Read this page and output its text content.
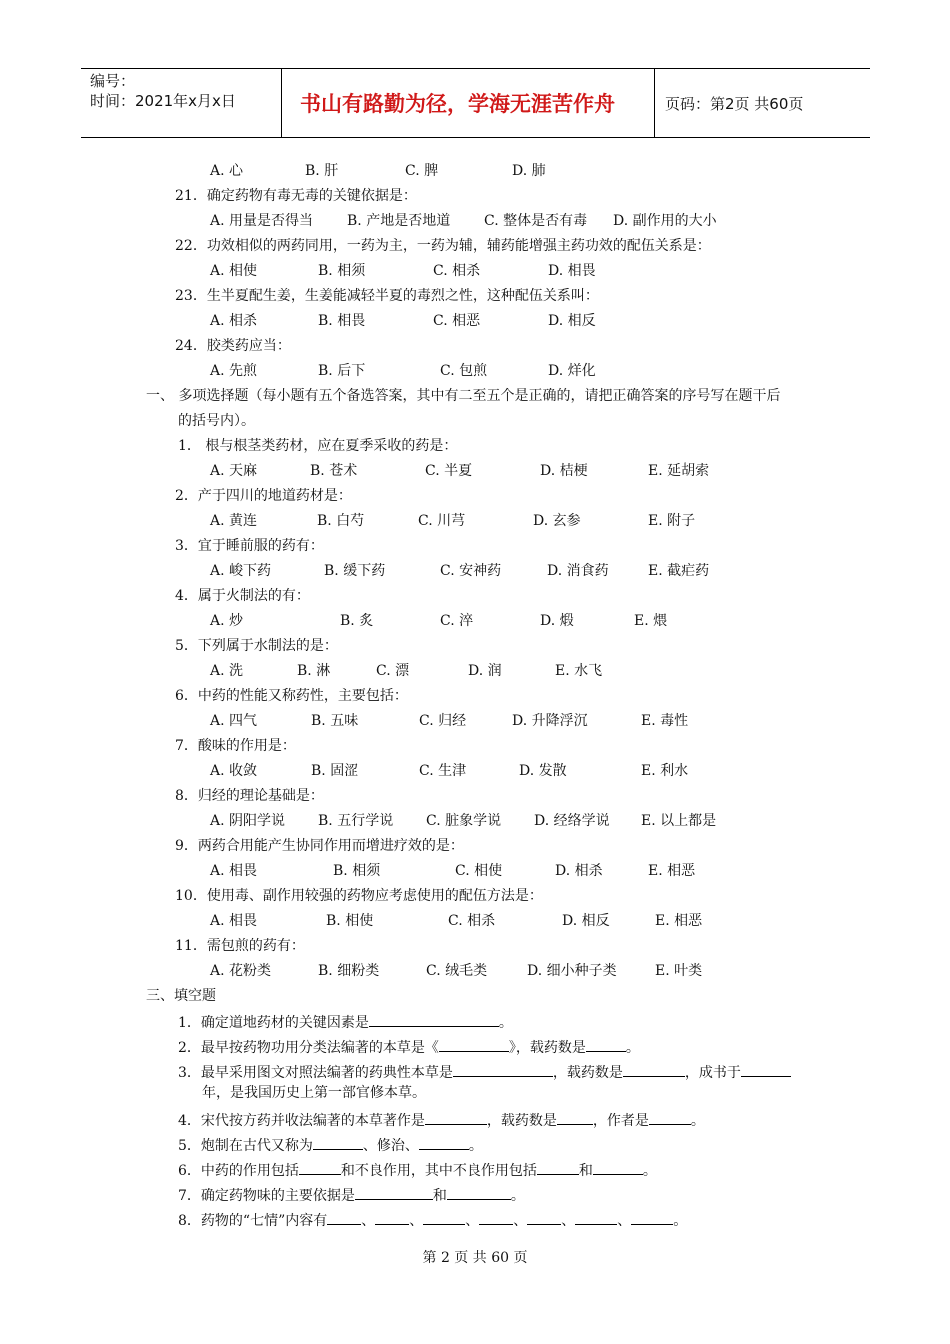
编号：
时间：2021年x月x日	书山有路勤为径，学海无涯苦作舟	页码：第2页 共60页
A. 心	B. 肝	C. 脾	D. 肺
21．确定药物有毒无毒的关键依据是：
A. 用量是否得当 B. 产地是否地道 C. 整体是否有毒 D. 副作用的大小
22．功效相似的两药同用，一药为主，一药为辅，辅药能增强主药功效的配伍关系是：
A. 相使	B. 相须	C. 相杀	D. 相畏
23．生半夏配生姜，生姜能减轻半夏的毒烈之性，这种配伍关系叫：
A. 相杀	B. 相畏	C. 相恶	D. 相反
24．胶类药应当：
A. 先煎	B. 后下	C. 包煎	D. 烊化
一、 多项选择题（每小题有五个备选答案，其中有二至五个是正确的，请把正确答案的序号写在题干后
的括号内）。
1． 根与根茎类药材，应在夏季采收的药是：
A. 天麻	B. 苍术	C. 半夏	D. 桔梗	E. 延胡索
2．产于四川的地道药材是：
A. 黄连	B. 白芍	C. 川芎	D. 玄参	E. 附子
3．宜于睡前服的药有：
A. 峻下药	B. 缓下药	C. 安神药	D. 消食药	E. 截疟药
4．属于火制法的有：
A. 炒	B. 炙	C. 淬	D. 煅	E. 煨
5．下列属于水制法的是：
A. 洗	B. 淋	C. 漂	D. 润	E. 水飞
6．中药的性能又称药性，主要包括：
A. 四气	B. 五味	C. 归经	D. 升降浮沉	E. 毒性
7．酸味的作用是：
A. 收敛	B. 固涩	C. 生津	D. 发散	E. 利水
8．归经的理论基础是：
A. 阴阳学说 B. 五行学说 C. 脏象学说 D. 经络学说 E. 以上都是
9．两药合用能产生协同作用而增进疗效的是：
A. 相畏	B. 相须	C. 相使	D. 相杀	E. 相恶
10．使用毒、副作用较强的药物应考虑使用的配伍方法是：
A. 相畏	B. 相使	C. 相杀	D. 相反	E. 相恶
11．需包煎的药有：
A. 花粉类	B. 细粉类	C. 绒毛类	D. 细小种子类	E. 叶类
三、填空题
1．确定道地药材的关键因素是	。
2．最早按药物功用分类法编著的本草是《	》，载药数是	。
3．最早采用图文对照法编著的药典性本草是	，载药数是	，成书于
年，是我国历史上第一部官修本草。
4．宋代按方药并收法编著的本草著作是	，载药数是	，作者是	。
5．炮制在古代又称为	、修治、	。
6．中药的作用包括	和不良作用，其中不良作用包括	和	。
7．确定药物味的主要依据是	和	。
8．药物的“七情”内容有 、 、	、 、 、	、	。
第 2 页 共 60 页
